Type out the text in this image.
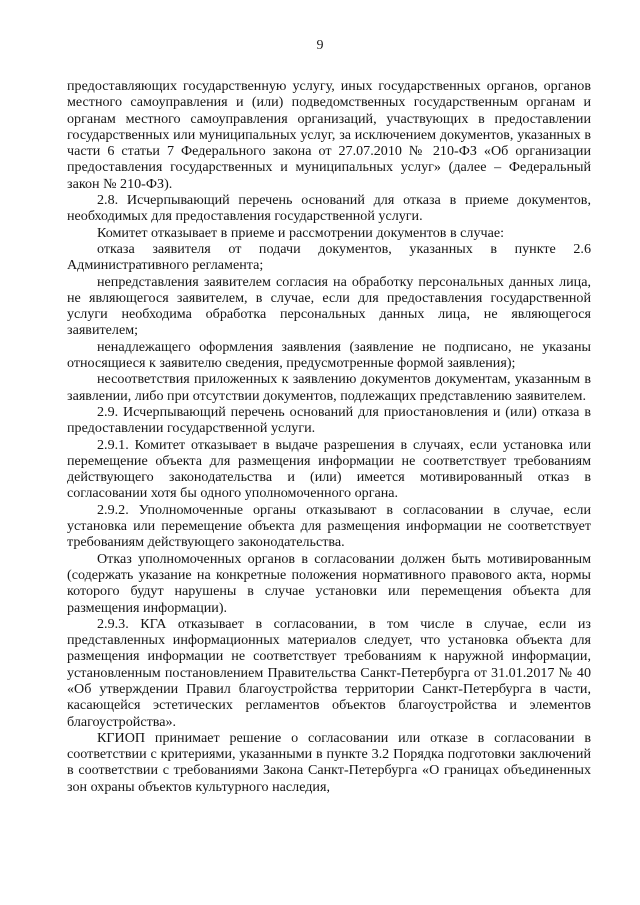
9

предоставляющих государственную услугу, иных государственных органов, органов местного самоуправления и (или) подведомственных государственным органам и органам местного самоуправления организаций, участвующих в предоставлении государственных или муниципальных услуг, за исключением документов, указанных в части 6 статьи 7 Федерального закона от 27.07.2010 № 210-ФЗ «Об организации предоставления государственных и муниципальных услуг» (далее – Федеральный закон № 210-ФЗ).

2.8. Исчерпывающий перечень оснований для отказа в приеме документов, необходимых для предоставления государственной услуги.

Комитет отказывает в приеме и рассмотрении документов в случае:

отказа заявителя от подачи документов, указанных в пункте 2.6 Административного регламента;

непредставления заявителем согласия на обработку персональных данных лица, не являющегося заявителем, в случае, если для предоставления государственной услуги необходима обработка персональных данных лица, не являющегося заявителем;

ненадлежащего оформления заявления (заявление не подписано, не указаны относящиеся к заявителю сведения, предусмотренные формой заявления);

несоответствия приложенных к заявлению документов документам, указанным в заявлении, либо при отсутствии документов, подлежащих представлению заявителем.

2.9. Исчерпывающий перечень оснований для приостановления и (или) отказа в предоставлении государственной услуги.

2.9.1. Комитет отказывает в выдаче разрешения в случаях, если установка или перемещение объекта для размещения информации не соответствует требованиям действующего законодательства и (или) имеется мотивированный отказ в согласовании хотя бы одного уполномоченного органа.

2.9.2. Уполномоченные органы отказывают в согласовании в случае, если установка или перемещение объекта для размещения информации не соответствует требованиям действующего законодательства.

Отказ уполномоченных органов в согласовании должен быть мотивированным (содержать указание на конкретные положения нормативного правового акта, нормы которого будут нарушены в случае установки или перемещения объекта для размещения информации).

2.9.3. КГА отказывает в согласовании, в том числе в случае, если из представленных информационных материалов следует, что установка объекта для размещения информации не соответствует требованиям к наружной информации, установленным постановлением Правительства Санкт-Петербурга от 31.01.2017 № 40 «Об утверждении Правил благоустройства территории Санкт-Петербурга в части, касающейся эстетических регламентов объектов благоустройства и элементов благоустройства».

КГИОП принимает решение о согласовании или отказе в согласовании в соответствии с критериями, указанными в пункте 3.2 Порядка подготовки заключений в соответствии с требованиями Закона Санкт-Петербурга «О границах объединенных зон охраны объектов культурного наследия,
